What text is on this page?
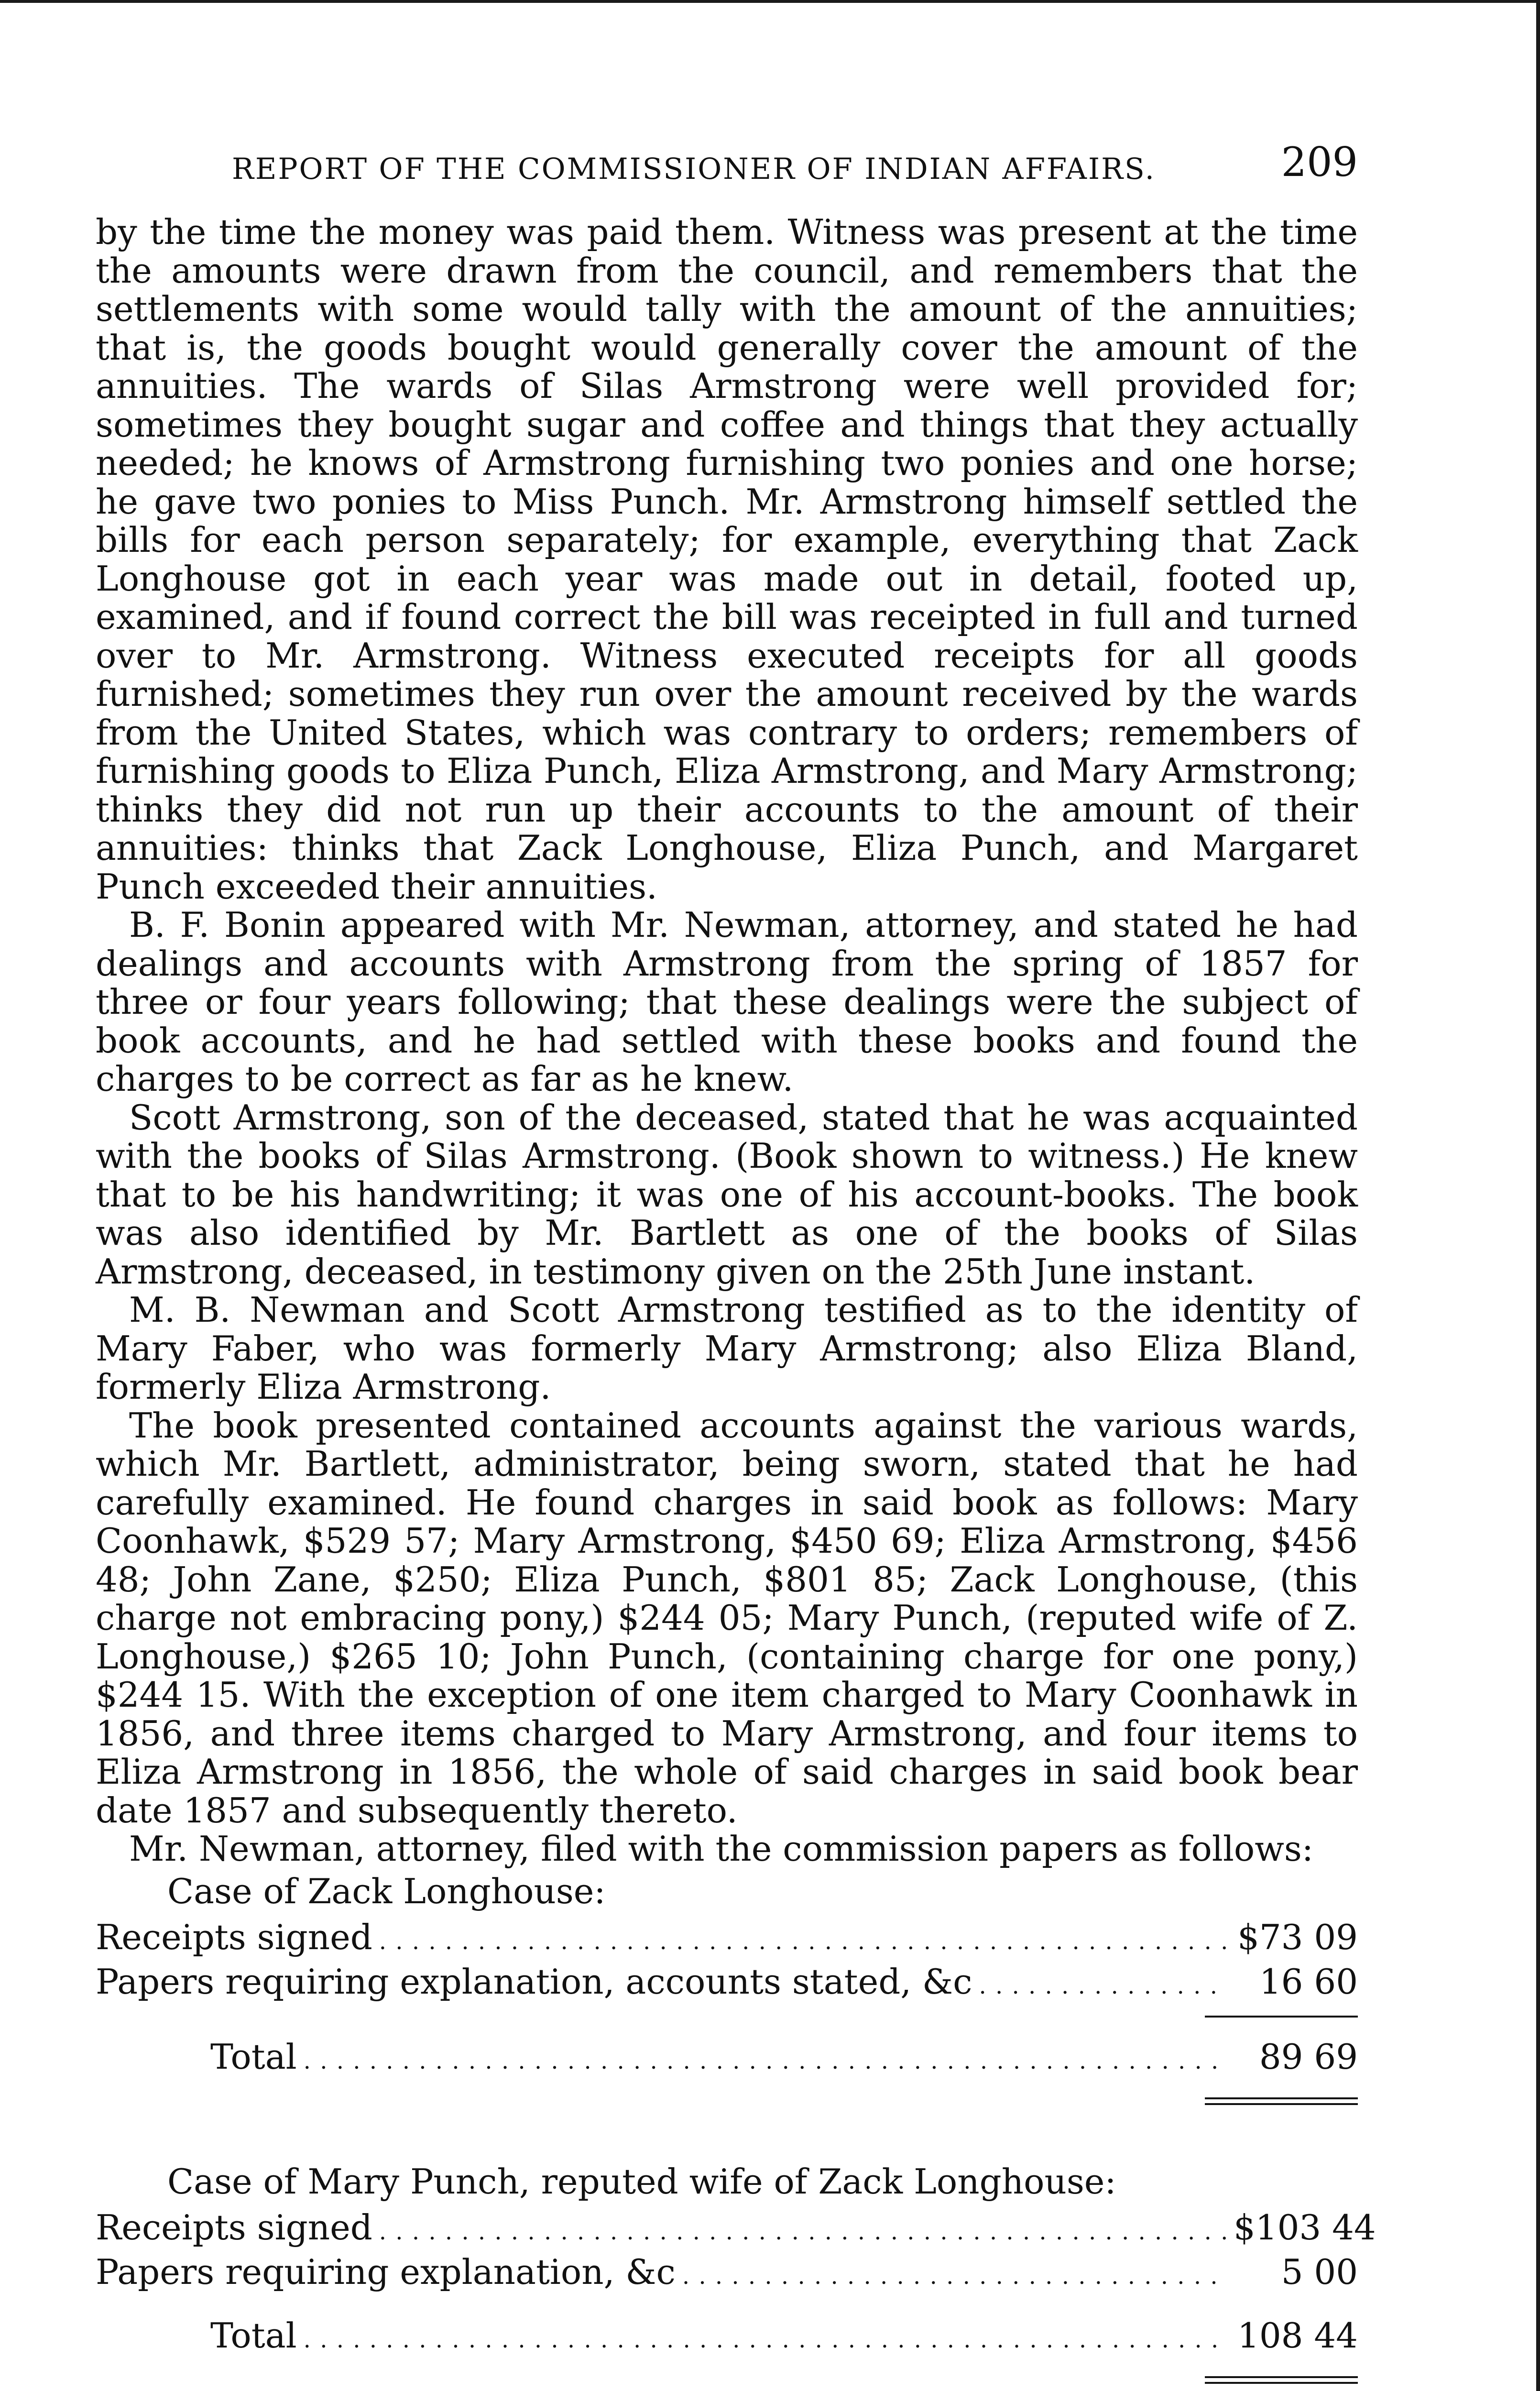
REPORT OF THE COMMISSIONER OF INDIAN AFFAIRS.	209

by the time the money was paid them. Witness was present at the time the amounts were drawn from the council, and remembers that the settlements with some would tally with the amount of the annuities; that is, the goods bought would generally cover the amount of the annuities. The wards of Silas Armstrong were well provided for; sometimes they bought sugar and coffee and things that they actually needed; he knows of Armstrong furnishing two ponies and one horse; he gave two ponies to Miss Punch. Mr. Armstrong himself settled the bills for each person separately; for example, everything that Zack Longhouse got in each year was made out in detail, footed up, examined, and if found correct the bill was receipted in full and turned over to Mr. Armstrong. Witness executed receipts for all goods furnished; sometimes they run over the amount received by the wards from the United States, which was contrary to orders; remembers of furnishing goods to Eliza Punch, Eliza Armstrong, and Mary Armstrong; thinks they did not run up their accounts to the amount of their annuities: thinks that Zack Longhouse, Eliza Punch, and Margaret Punch exceeded their annuities.

B. F. Bonin appeared with Mr. Newman, attorney, and stated he had dealings and accounts with Armstrong from the spring of 1857 for three or four years following; that these dealings were the subject of book accounts, and he had settled with these books and found the charges to be correct as far as he knew.

Scott Armstrong, son of the deceased, stated that he was acquainted with the books of Silas Armstrong. (Book shown to witness.) He knew that to be his handwriting; it was one of his account-books. The book was also identified by Mr. Bartlett as one of the books of Silas Armstrong, deceased, in testimony given on the 25th June instant.

M. B. Newman and Scott Armstrong testified as to the identity of Mary Faber, who was formerly Mary Armstrong; also Eliza Bland, formerly Eliza Armstrong.

The book presented contained accounts against the various wards, which Mr. Bartlett, administrator, being sworn, stated that he had carefully examined. He found charges in said book as follows: Mary Coonhawk, $529 57; Mary Armstrong, $450 69; Eliza Armstrong, $456 48; John Zane, $250; Eliza Punch, $801 85; Zack Longhouse, (this charge not embracing pony,) $244 05; Mary Punch, (reputed wife of Z. Longhouse,) $265 10; John Punch, (containing charge for one pony,) $244 15. With the exception of one item charged to Mary Coonhawk in 1856, and three items charged to Mary Armstrong, and four items to Eliza Armstrong in 1856, the whole of said charges in said book bear date 1857 and subsequently thereto.

Mr. Newman, attorney, filed with the commission papers as follows:

Case of Zack Longhouse:
Receipts signed . . .	$73 09
Papers requiring explanation, accounts stated, &c . . .	16 60
Total . . .	89 69
Case of Mary Punch, reputed wife of Zack Longhouse:
Receipts signed . . .	$103 44
Papers requiring explanation, &c . . .	5 00
Total . . .	108 44
